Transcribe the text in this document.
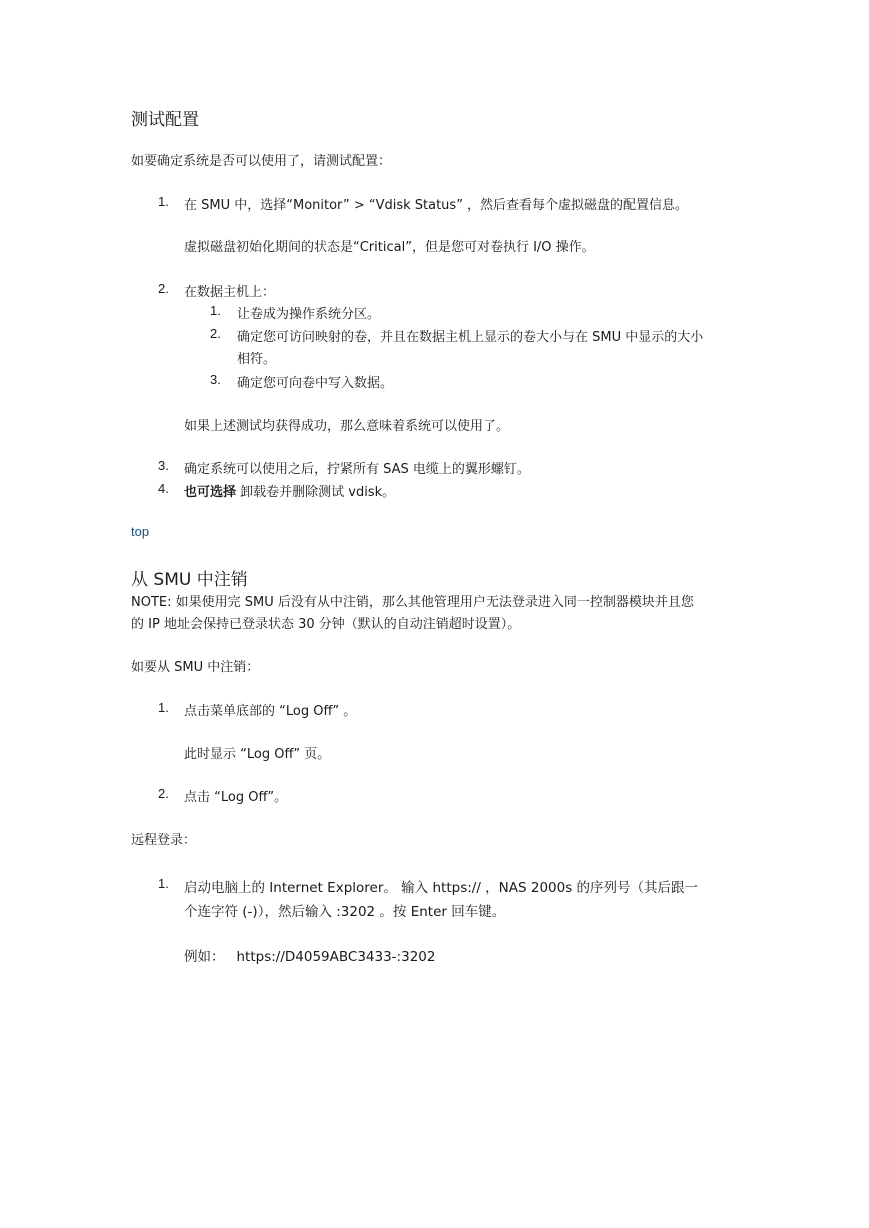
测试配置
如要确定系统是否可以使用了，请测试配置：
1. 在 SMU 中，选择“Monitor” > “Vdisk Status” ，然后查看每个虚拟磁盘的配置信息。
虚拟磁盘初始化期间的状态是“Critical”，但是您可对卷执行 I/O 操作。
2. 在数据主机上：
1. 让卷成为操作系统分区。
2. 确定您可访问映射的卷，并且在数据主机上显示的卷大小与在 SMU 中显示的大小
相符。
3. 确定您可向卷中写入数据。
如果上述测试均获得成功，那么意味着系统可以使用了。
3. 确定系统可以使用之后，拧紧所有 SAS 电缆上的翼形螺钉。
4. 也可选择 卸载卷并删除测试 vdisk。
top
从 SMU 中注销
NOTE: 如果使用完 SMU 后没有从中注销，那么其他管理用户无法登录进入同一控制器模块并且您
的 IP 地址会保持已登录状态 30 分钟（默认的自动注销超时设置）。
如要从 SMU 中注销：
1. 点击菜单底部的 “Log Off” 。
此时显示 “Log Off” 页。
2. 点击 “Log Off”。
远程登录：
1. 启动电脑上的 Internet Explorer。 输入 https:// ，NAS 2000s 的序列号（其后跟一
个连字符 (-)），然后输入 :3202 。按 Enter 回车键。
例如： https://D4059ABC3433-:3202
